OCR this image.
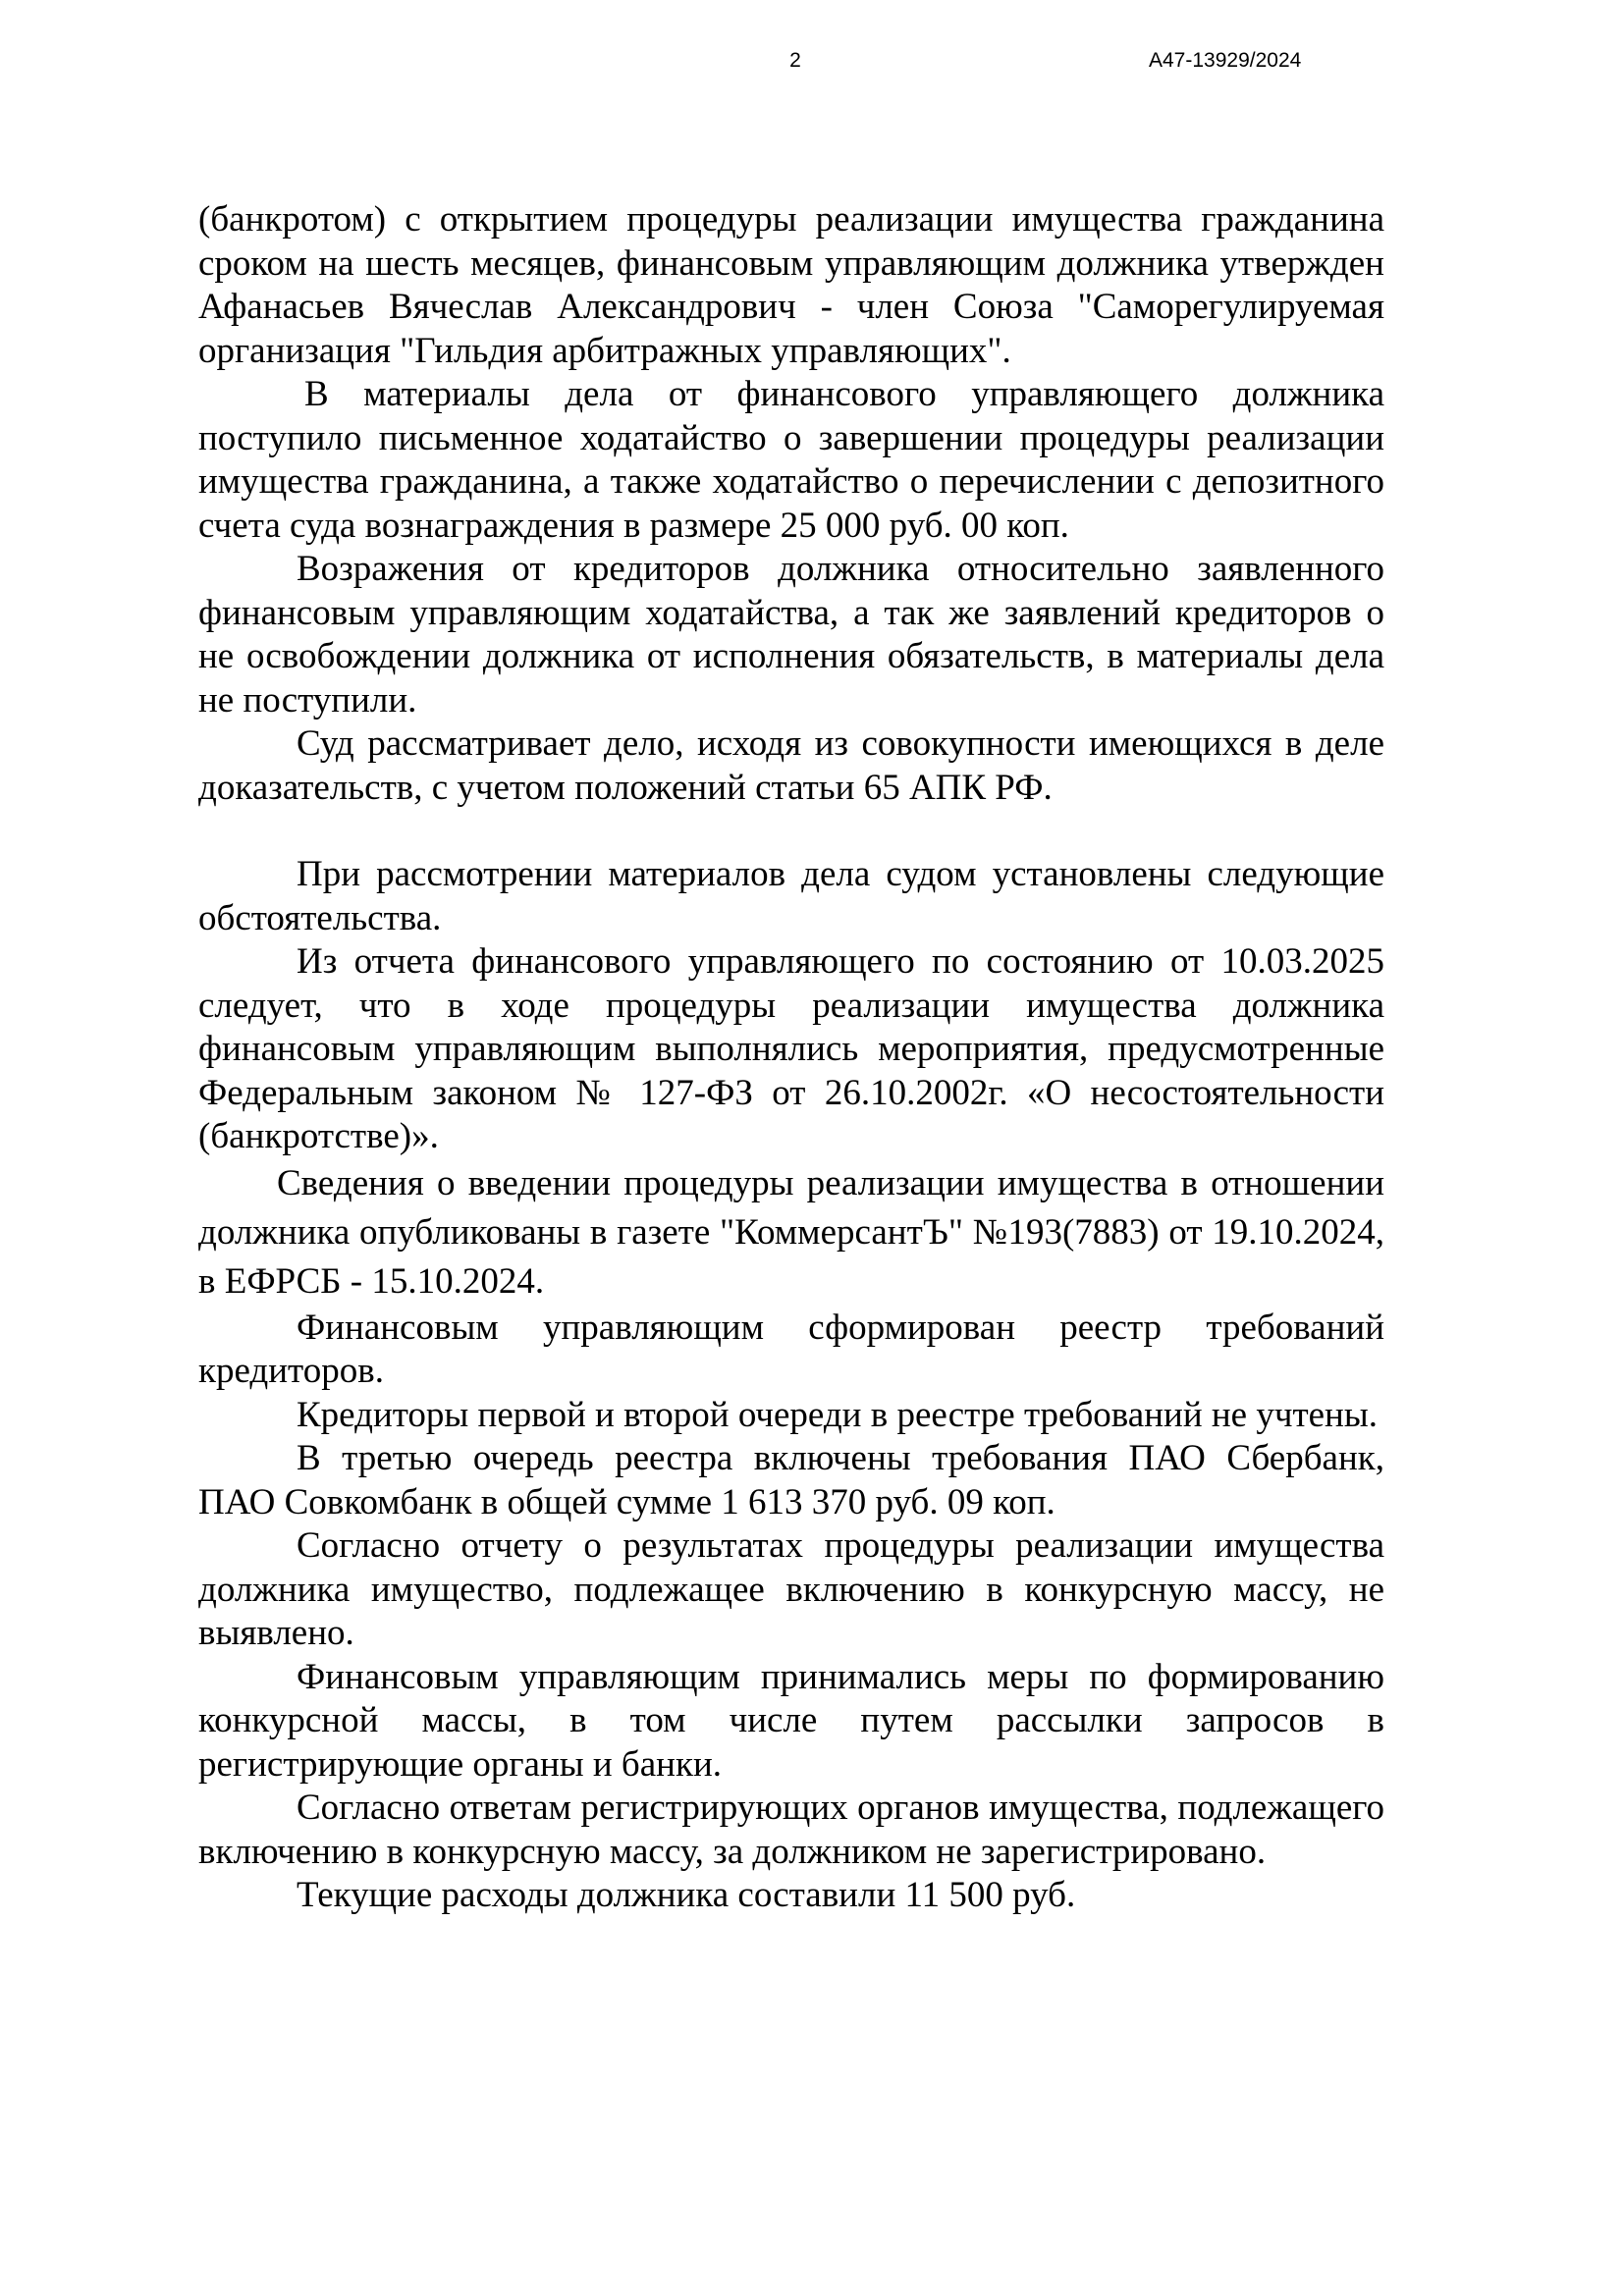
2	А47-13929/2024

(банкротом) с открытием процедуры реализации имущества гражданина сроком на шесть месяцев, финансовым управляющим должника утвержден Афанасьев Вячеслав Александрович - член Союза "Саморегулируемая организация "Гильдия арбитражных управляющих".

В материалы дела от финансового управляющего должника поступило письменное ходатайство о завершении процедуры реализации имущества гражданина, а также ходатайство о перечислении с депозитного счета суда вознаграждения в размере 25 000 руб. 00 коп.

Возражения от кредиторов должника относительно заявленного финансовым управляющим ходатайства, а так же заявлений кредиторов о не освобождении должника от исполнения обязательств, в материалы дела не поступили.

Суд рассматривает дело, исходя из совокупности имеющихся в деле доказательств, с учетом положений статьи 65 АПК РФ.

При рассмотрении материалов дела судом установлены следующие обстоятельства.

Из отчета финансового управляющего по состоянию от 10.03.2025 следует, что в ходе процедуры реализации имущества должника финансовым управляющим выполнялись мероприятия, предусмотренные Федеральным законом № 127-ФЗ от 26.10.2002г. «О несостоятельности (банкротстве)».

Сведения о введении процедуры реализации имущества в отношении должника опубликованы в газете "КоммерсантЪ" №193(7883) от 19.10.2024, в ЕФРСБ - 15.10.2024.

Финансовым управляющим сформирован реестр требований кредиторов.

Кредиторы первой и второй очереди в реестре требований не учтены.

В третью очередь реестра включены требования ПАО Сбербанк, ПАО Совкомбанк в общей сумме 1 613 370 руб. 09 коп.

Согласно отчету о результатах процедуры реализации имущества должника имущество, подлежащее включению в конкурсную массу, не выявлено.

Финансовым управляющим принимались меры по формированию конкурсной массы, в том числе путем рассылки запросов в регистрирующие органы и банки.

Согласно ответам регистрирующих органов имущества, подлежащего включению в конкурсную массу, за должником не зарегистрировано.

Текущие расходы должника составили 11 500 руб.
